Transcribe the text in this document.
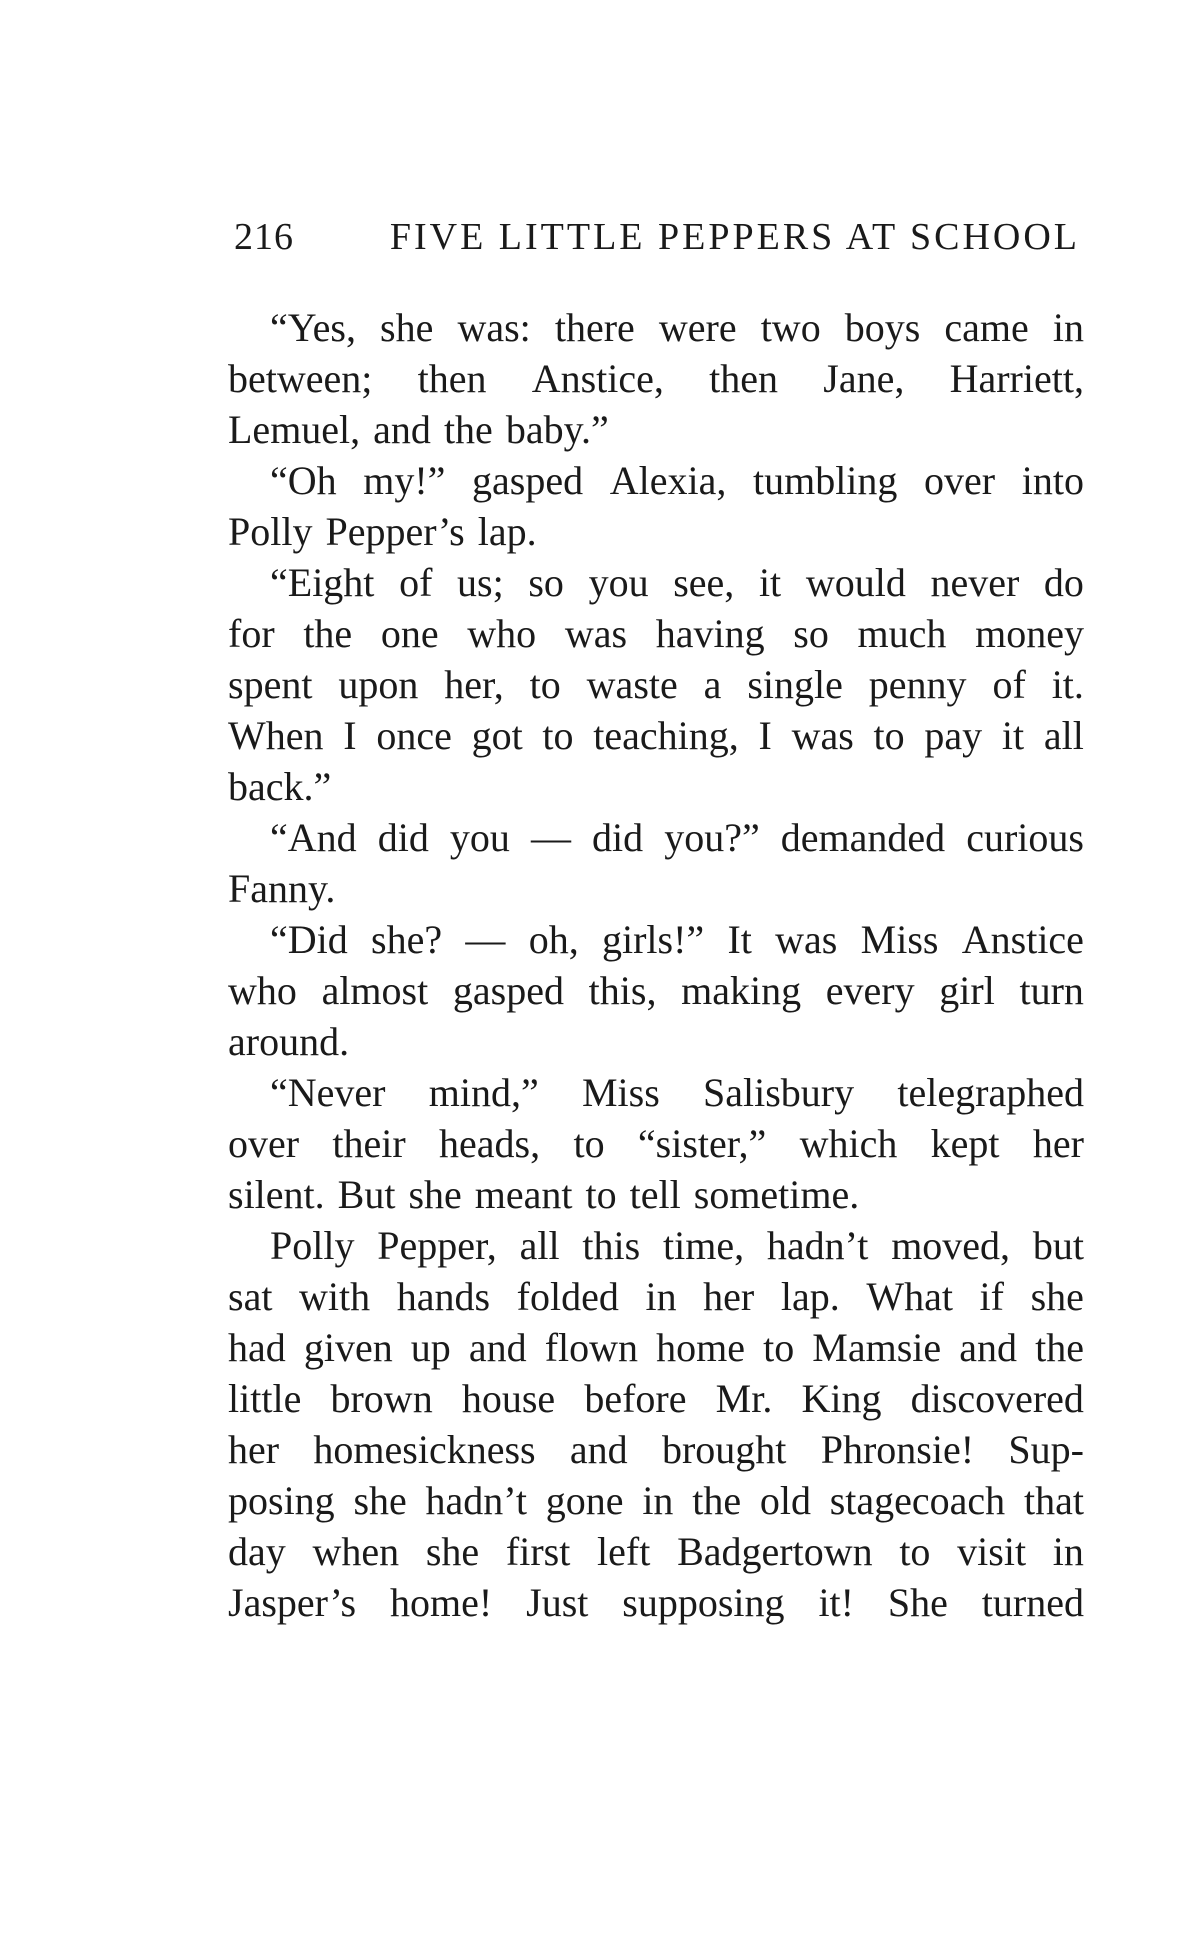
216	FIVE LITTLE PEPPERS AT SCHOOL
“Yes, she was: there were two boys came in
between; then Anstice, then Jane, Harriett,
Lemuel, and the baby.”
“Oh my!” gasped Alexia, tumbling over into
Polly Pepper’s lap.
“Eight of us; so you see, it would never do
for the one who was having so much money
spent upon her, to waste a single penny of it.
When I once got to teaching, I was to pay it all
back.”
“And did you — did you?” demanded curious
Fanny.
“Did she? — oh, girls!” It was Miss Anstice
who almost gasped this, making every girl turn
around.
“Never mind,” Miss Salisbury telegraphed
over their heads, to “sister,” which kept her
silent. But she meant to tell sometime.
Polly Pepper, all this time, hadn’t moved, but
sat with hands folded in her lap. What if she
had given up and flown home to Mamsie and the
little brown house before Mr. King discovered
her homesickness and brought Phronsie! Sup-
posing she hadn’t gone in the old stagecoach that
day when she first left Badgertown to visit in
Jasper’s home! Just supposing it! She turned
